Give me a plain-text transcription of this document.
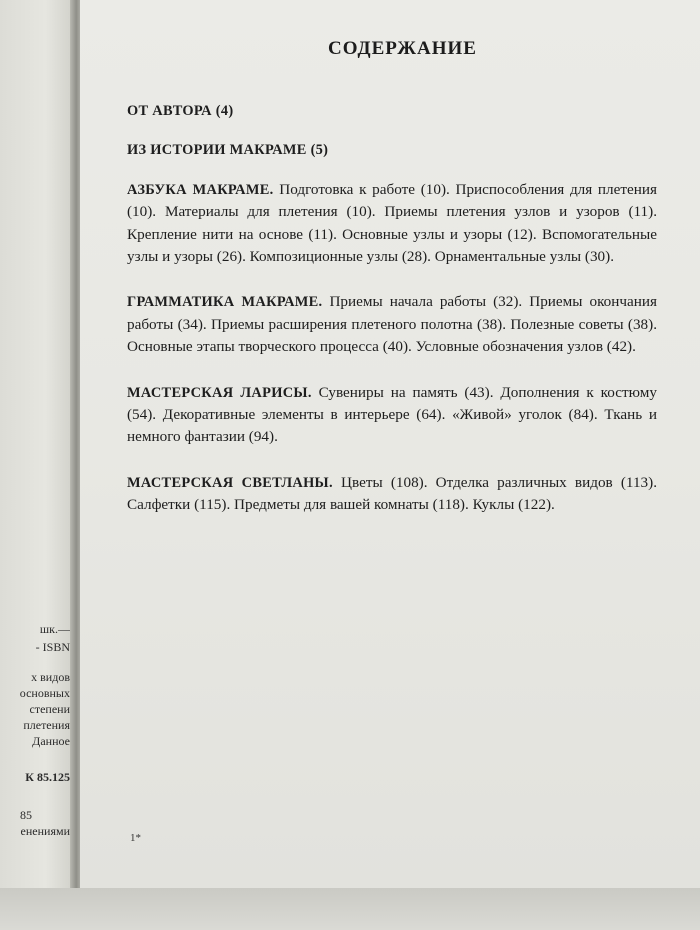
шк.—
- ISBN
х видов
основных
степени
плетения
Данное
К 85.125
85
енениями
СОДЕРЖАНИЕ
ОТ АВТОРА (4)
ИЗ ИСТОРИИ МАКРАМЕ (5)
АЗБУКА МАКРАМЕ. Подготовка к работе (10). Приспособления для плетения (10). Материалы для плетения (10). Приемы плетения узлов и узоров (11). Крепление нити на основе (11). Основные узлы и узоры (12). Вспомогательные узлы и узоры (26). Композиционные узлы (28). Орнаментальные узлы (30).
ГРАММАТИКА МАКРАМЕ. Приемы начала работы (32). Приемы окончания работы (34). Приемы расширения плетеного полотна (38). Полезные советы (38). Основные этапы творческого процесса (40). Условные обозначения узлов (42).
МАСТЕРСКАЯ ЛАРИСЫ. Сувениры на память (43). Дополнения к костюму (54). Декоративные элементы в интерьере (64). «Живой» уголок (84). Ткань и немного фантазии (94).
МАСТЕРСКАЯ СВЕТЛАНЫ. Цветы (108). Отделка различных видов (113). Салфетки (115). Предметы для вашей комнаты (118). Куклы (122).
1*
